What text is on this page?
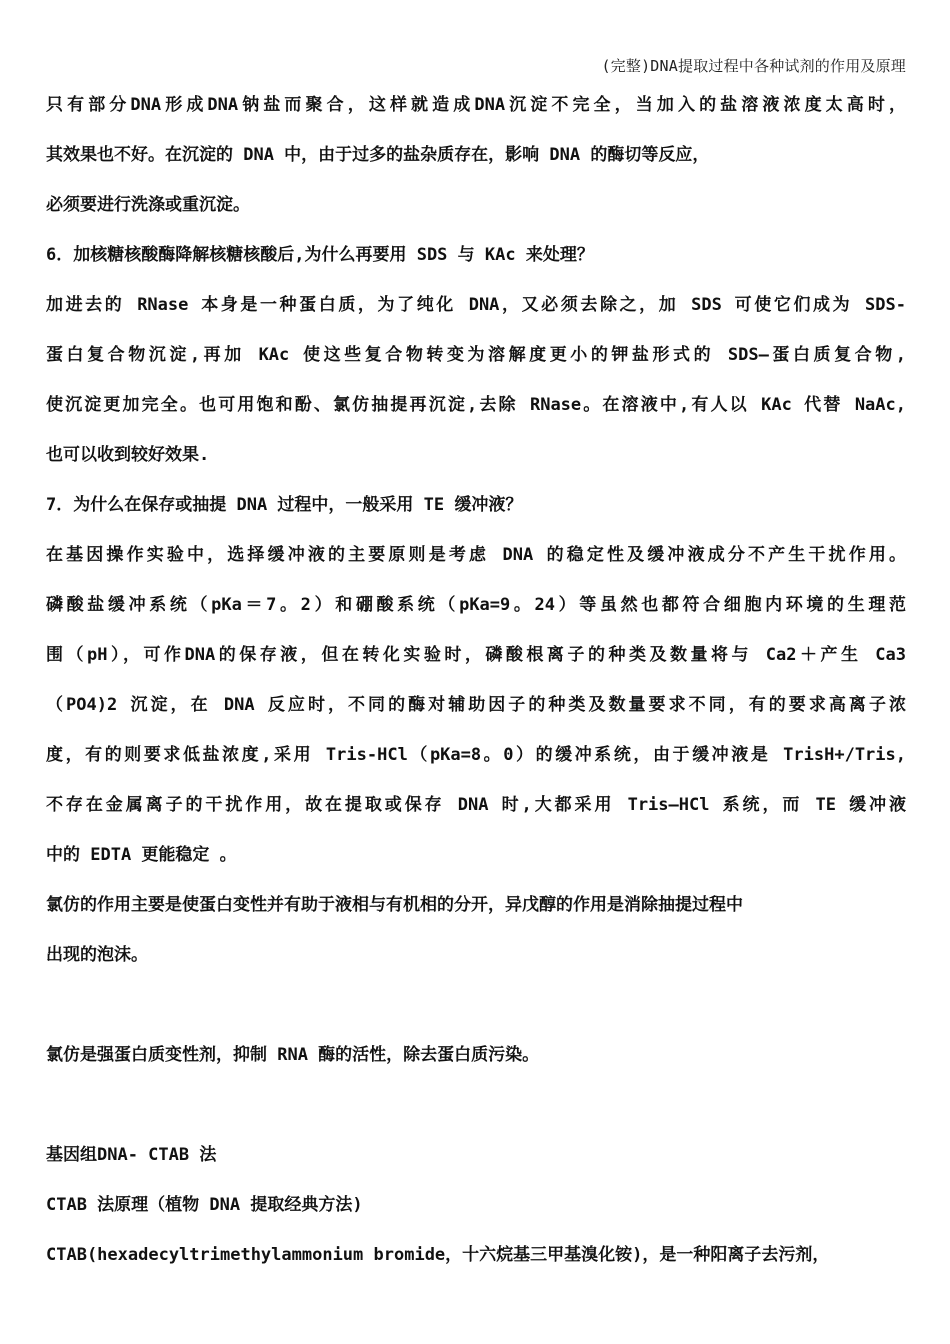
(完整)DNA提取过程中各种试剂的作用及原理
只有部分DNA形成DNA钠盐而聚合，这样就造成DNA沉淀不完全，当加入的盐溶液浓度太高时，
其效果也不好。在沉淀的 DNA 中，由于过多的盐杂质存在，影响 DNA 的酶切等反应，
必须要进行洗涤或重沉淀。
6．加核糖核酸酶降解核糖核酸后,为什么再要用 SDS 与 KAc 来处理？
加进去的 RNase 本身是一种蛋白质，为了纯化 DNA，又必须去除之，加 SDS 可使它们成为 SDS-
蛋白复合物沉淀,再加 KAc 使这些复合物转变为溶解度更小的钾盐形式的 SDS—蛋白质复合物,
使沉淀更加完全。也可用饱和酚、氯仿抽提再沉淀,去除 RNase。在溶液中,有人以 KAc 代替 NaAc,
也可以收到较好效果.
7．为什么在保存或抽提 DNA 过程中，一般采用 TE 缓冲液？
在基因操作实验中，选择缓冲液的主要原则是考虑 DNA 的稳定性及缓冲液成分不产生干扰作用。
磷酸盐缓冲系统（pKa＝7。2）和硼酸系统（pKa=9。24）等虽然也都符合细胞内环境的生理范
围（pH），可作DNA的保存液，但在转化实验时，磷酸根离子的种类及数量将与 Ca2＋产生 Ca3
（PO4)2 沉淀，在 DNA 反应时，不同的酶对辅助因子的种类及数量要求不同，有的要求高离子浓
度，有的则要求低盐浓度,采用 Tris-HCl（pKa=8。0）的缓冲系统，由于缓冲液是 TrisH+/Tris,
不存在金属离子的干扰作用，故在提取或保存 DNA 时,大都采用 Tris—HCl 系统，而 TE 缓冲液
中的 EDTA 更能稳定 。
氯仿的作用主要是使蛋白变性并有助于液相与有机相的分开，异戊醇的作用是消除抽提过程中
出现的泡沫。
氯仿是强蛋白质变性剂，抑制 RNA 酶的活性，除去蛋白质污染。
基因组DNA- CTAB 法
CTAB 法原理（植物 DNA 提取经典方法)
CTAB(hexadecyltrimethylammonium bromide，十六烷基三甲基溴化铵)，是一种阳离子去污剂，
